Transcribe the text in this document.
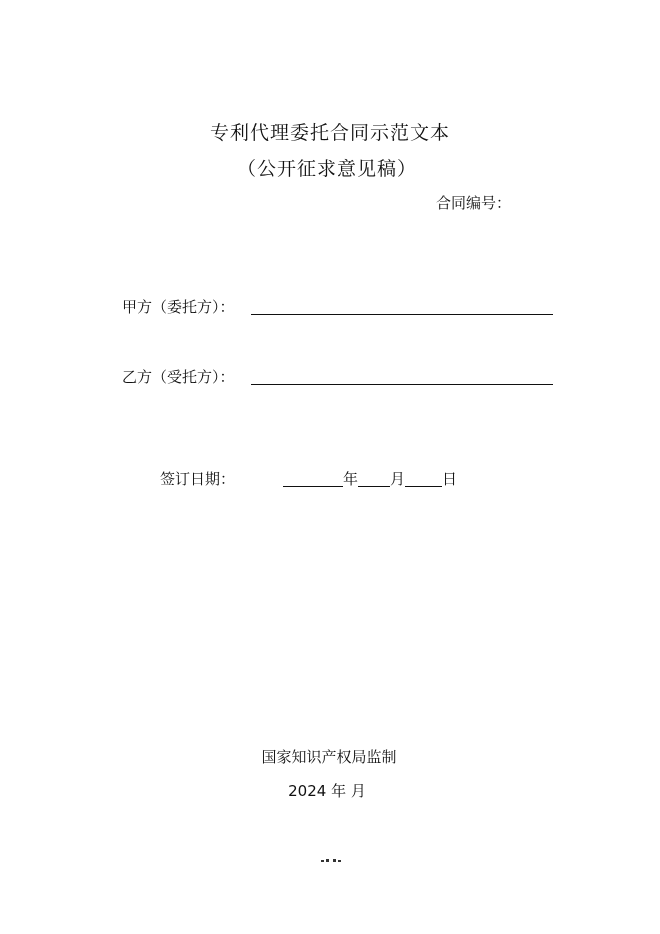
专利代理委托合同示范文本
（公开征求意见稿）
合同编号：
甲方（委托方）：
乙方（受托方）：
签订日期：	年 月 日
国家知识产权局监制
2024 年 月
